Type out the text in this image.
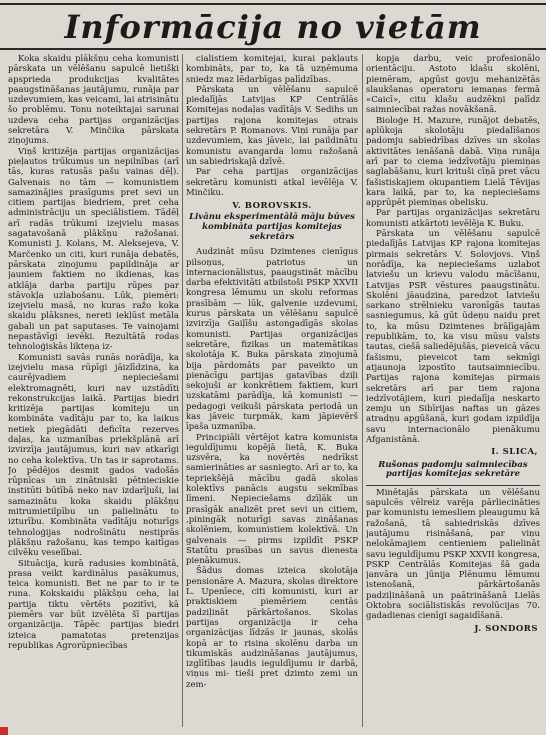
Informācija no vietām

Koka skaidu plākšņu ceha komunisti pārskata un vēlēšanu sapulcē lietišķi apsprieda produkcijas kvalitātes paaugstināšanas jautājumu, runāja par uzdevumiem, kas veicami, lai atrisinātu šo problēmu. Tonu noteiktajai sarunai uzdeva ceha partijas organizācijas sekretāra V. Minčika pārskata ziņojums.

Viņš kritizēja partijas organizācijas pieļautos trūkumus un nepilnības (arī tās, kuras ratusās pašu vainas dēļ). Galvenais no tām — komunistiem samazinājies prasīgums pret sevi un citiem partijas biedriem, pret ceha administrāciju un speciālistiem. Tādēļ arī radās trūkumi izejvielu masas sagatavošanā plākšņu ražošanai. Komunisti J. Kolans, M. Aleksejeva, V. Marčenko un citi, kuri runāja debatēs, pārskata ziņojumu papildināja ar jauniem faktiem no ikdienas, kas atklāja darba partiju rūpes par stāvokļa uzlabošanu. Lūk, piemēri: izejvielu masā, no kuras ražo koka skaidu plāksnes, nereti iekļūst metāla gabali un pat saputases. Te vainojami nepastāvīgi ievēki. Rezultātā rodas tehnoloģiskās likteņa iz-

Komunisti savās runās norādīja, ka izejvielu masa rūpīgi jāizlīdzina, ka caurējvadiem nepieciešami elektromagnēti, kuri nav uzstādīti rekonstrukcijas laikā. Partijas biedri kritizēja partijas komiteju un kombināta vadītāju par to, ka laikus netiek piegādāti deficīta rezerves daļas, ka uzmanības priekšplānā arī izvirzīja jautājumus, kuri nav atkarīgi no ceha kolektīva. Un tas ir saprotams. Jo pēdējos desmit gados vadošās rūpnīcas un zinātniski pētnieciskie institūti būtībā neko nav izdarījuši, lai samazinātu koka skaidu plākšņu mitrumietilpību un palielinātu to izturību. Kombināta vadītāju noturīgs tehnoloģijas nodrošinātu nestiprās plākšņu ražošanu, kas tempo kaitīgas cilvēku veselībai.

Situācija, kurā radusies kombinātā, prasa veikt kardinālus pasākumus, teica komunisti. Bet ne par to ir te runa. Kokskaidu plākšņu ceha, lai partija tiktu vērtēts pozitīvi, kā piemērs var būt izvēlēta šī partijas organizācija. Tāpēc partijas biedri izteica pamatotas pretenzijas republikas Agrorūpniecības

cialistiem komitejai, kurai pakļauts kombināts, par to, ka tā uzņēmuma sniedz maz lēdarbīgas palīdzības.

Pārskata un vēlēšanu sapulcē piedalījās Latvijas KP Centrālās Komitejas nodaļas vadītājs V. Sedihs un partijas rajona komitejas otrais sekretārs P. Romanovs. Viņi runāja par uzdevumiem, kas jāveic, lai paildinātu komunistu avangarda lomu ražošanā un sabiedriskajā dzīvē.

Par ceha partijas organizācijas sekretāru komunisti atkal ievēlēja V. Minčiku.

V. BOROVSKIS.
Livānu eksperimentālā māju būves kombināta partijas komitejas sekretārs

Audzināt mūsu Dzimtenes cienīgus pilsoņus, patriotus un internacionālistus, paaugstināt mācību darba efektivitāti atbilstoši PSKP XXVII kongresa lēmumu un skolu reformas prasībām — lūk, galvenie uzdevumi, kurus pārskata un vēlēšanu sapulcē izvirzīja Gaiļīšu astongadīgās skolas komunisti. Partijas organizācijas sekretāre, fizikas un matemātikas skolotāja K. Buka pārskata ziņojumā bija pārdomāts par paveikto un pienācīgu partijas gatavības dziļi sekojuši ar konkrētiem faktiem, kuri uzskatāmi parādīja, kā komunisti — pedagogi veikuši pārskata periodā un kas jāveic turpmāk, kam jāpievērš īpaša uzmanība.

Principiāli vērtējot katra komunista ieguldījumu kopējā lietā, K. Buka uzsvēra, ka novērtēs nedrīkst samierināties ar sasniegto. Arī ar to, ka tepriekšējā mācību gadā skolas kolektīvs panācis augstu sekmības līmeni. Nepieciešams dzīļāk un prasīgāk analizēt pret sevi un citiem, ‚piningāk noturīgi savas zināšanas skolēniem, komunistiem kolektīvā. Un galvenais — pirms izpildīt PSKP Statūtu prasības un savus dienesta pienākumus.

Šādus domas izteica skolotāja pensionāre A. Mazura, skolas direktore L. Upenīece, citi komunisti, kuri ar praktiskiem piemēriem centās padziļināt pārkārtošanos. Skolas partijas organizācija ir ceha organizācijas līdzās ir jaunas, skolās kopā ar to risina skolēnu darba un tikumiskās audzināšanas jautājumus, izglītības ļaudis ieguldījumu ir darbā, viņus mi- tieši pret dzimto zemi un zem-

kopja darbu, veic profesionālo orientāciju. Astoto klašu skolēni, piemēram, apgūst govju mehanizētās slaukšanas operatoru iemaņas fermā «Caicī», citu klašu audzēkņi palīdz saimniecībai ražas novākšanā.

Bioloģe H. Mazure, runājot debatēs, aplūkoja skolotāju piedalīšanos padomju sabiedrības dzīves un skolas aktivitātes ienāšanā dabā. Viņa runāja arī par to ciema iedzīvotāju piemiņas saglabāšanu, kuri krituši cīņā pret vācu fašistiskajiem okupantiem Lielā Tēvijas kara laikā, par to, ka nepieciešams apprūpēt piemiņas obelisku.

Par partijas organizācijas sekretāru komunisti atkārtoti ievēlēja K. Buku.

Pārskata un vēlēšanu sapulcē piedalījās Latvijas KP rajona komitejas pirmais sekretārs V. Solovjovs. Viņš norādīja, ka nepieciešams uzlabot latviešu un krievu valodu mācīšanu, Latvijas PSR vēstures paaugstinātu. Skolēni jāaudzina, paredzot latviešu sarkano strēlnieku varonīgās tautas sasniegumus, kā gūt ūdeņu naidu pret to, ka mūsu Dzimtenes brāļīgajām republikām, to, ka visu mūsu valsts tautas, ciešā saliedējušās, pieveicā vācu fašismu, pieveicot tam sekmīgi atjaunoja izpostīto tautsaimniecību. Partijas rajona komitejas pirmais sekretārs arī par tiem rajona iedzīvotājiem, kuri piedalīja neskarto zemju un Sibīrijas naftas un gāzes atradņu apgūšanā, kuri godam izpildīja savu internacionālo pienākumu Afganistānā.

I. SLICA,
Rušonas padomju saimniecības partijas komitejas sekretāre

Minētajās pārskata un vēlēšanu sapulcēs vēlreiz varēja pārliecināties par komunistu iemesliem pleaugumu kā ražošanā, tā sabiedriskās dzīves jautājumu risināšanā, par viņu nelokāmajiem centieniem palielināt savu ieguldījumu PSKP XXVII kongresa, PSKP Centrālās Komitejas šā gada janvāra un jūnija Plēnumu lēmumu istenošanā, pārkārtošanās padziļināšanā un paātrināšanā Lielās Oktobra sociālistiskās revolūcijas 70. gadadienas cienīgi sagaidīšanā.

J. SONDORS
